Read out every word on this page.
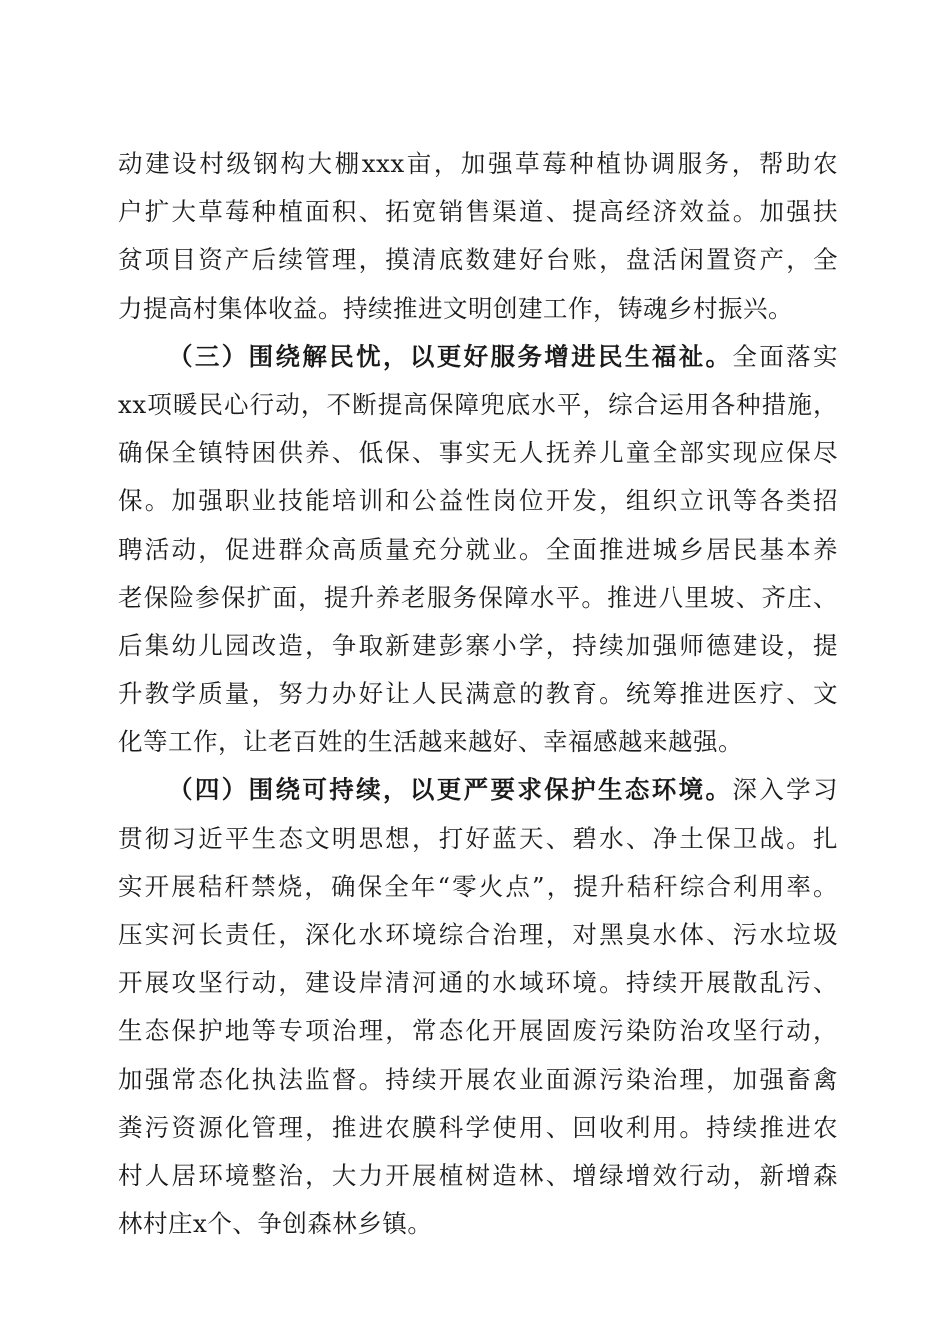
动建设村级钢构大棚xxx亩，加强草莓种植协调服务，帮助农
户扩大草莓种植面积、拓宽销售渠道、提高经济效益。加强扶
贫项目资产后续管理，摸清底数建好台账，盘活闲置资产，全
力提高村集体收益。持续推进文明创建工作，铸魂乡村振兴。
（三）围绕解民忧，以更好服务增进民生福祉。全面落实
xx项暖民心行动，不断提高保障兜底水平，综合运用各种措施，
确保全镇特困供养、低保、事实无人抚养儿童全部实现应保尽
保。加强职业技能培训和公益性岗位开发，组织立讯等各类招
聘活动，促进群众高质量充分就业。全面推进城乡居民基本养
老保险参保扩面，提升养老服务保障水平。推进八里坡、齐庄、
后集幼儿园改造，争取新建彭寨小学，持续加强师德建设，提
升教学质量，努力办好让人民满意的教育。统筹推进医疗、文
化等工作，让老百姓的生活越来越好、幸福感越来越强。
（四）围绕可持续，以更严要求保护生态环境。深入学习
贯彻习近平生态文明思想，打好蓝天、碧水、净土保卫战。扎
实开展秸秆禁烧，确保全年“零火点”，提升秸秆综合利用率。
压实河长责任，深化水环境综合治理，对黑臭水体、污水垃圾
开展攻坚行动，建设岸清河通的水域环境。持续开展散乱污、
生态保护地等专项治理，常态化开展固废污染防治攻坚行动，
加强常态化执法监督。持续开展农业面源污染治理，加强畜禽
粪污资源化管理，推进农膜科学使用、回收利用。持续推进农
村人居环境整治，大力开展植树造林、增绿增效行动，新增森
林村庄x个、争创森林乡镇。
